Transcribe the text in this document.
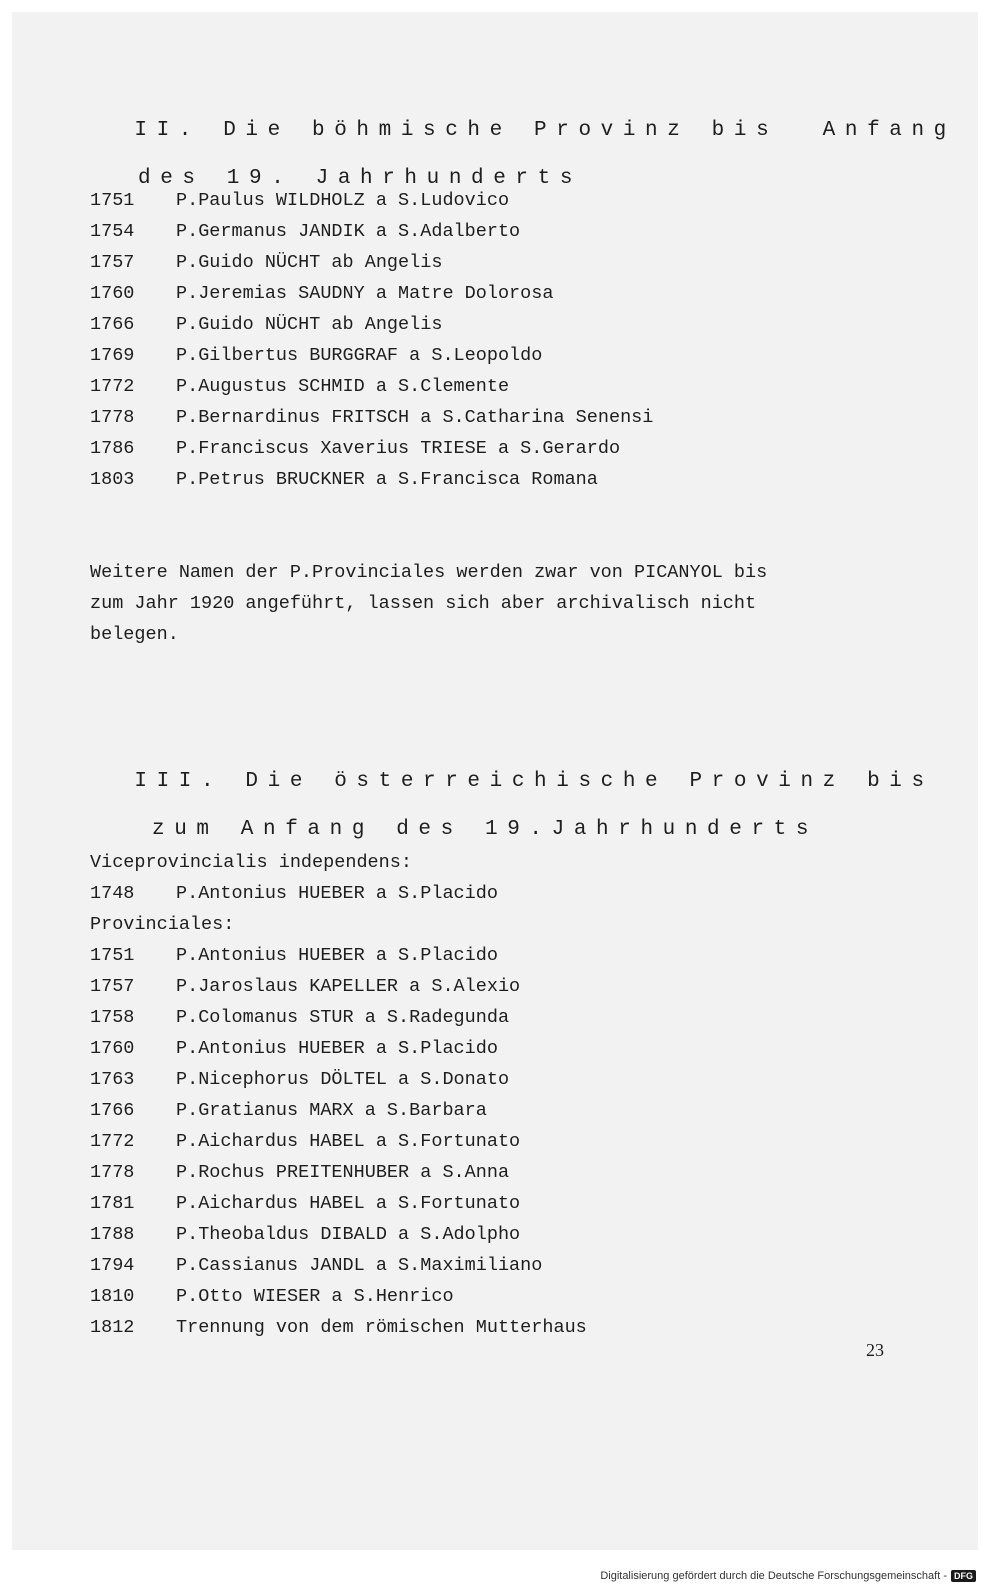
II. Die böhmische Provinz bis  Anfang

des 19. Jahrhunderts

1751 P.Paulus WILDHOLZ a S.Ludovico
1754 P.Germanus JANDIK a S.Adalberto
1757 P.Guido NÜCHT ab Angelis
1760 P.Jeremias SAUDNY a Matre Dolorosa
1766 P.Guido NÜCHT ab Angelis
1769 P.Gilbertus BURGGRAF a S.Leopoldo
1772 P.Augustus SCHMID a S.Clemente
1778 P.Bernardinus FRITSCH a S.Catharina Senensi
1786 P.Franciscus Xaverius TRIESE a S.Gerardo
1803 P.Petrus BRUCKNER a S.Francisca Romana
Weitere Namen der P.Provinciales werden zwar von PICANYOL bis
zum Jahr 1920 angeführt, lassen sich aber archivalisch nicht
belegen.

III. Die österreichische Provinz bis

zum Anfang des 19.Jahrhunderts

Viceprovincialis independens:
1748 P.Antonius HUEBER a S.Placido
Provinciales:
1751 P.Antonius HUEBER a S.Placido
1757 P.Jaroslaus KAPELLER a S.Alexio
1758 P.Colomanus STUR a S.Radegunda
1760 P.Antonius HUEBER a S.Placido
1763 P.Nicephorus DÖLTEL a S.Donato
1766 P.Gratianus MARX a S.Barbara
1772 P.Aichardus HABEL a S.Fortunato
1778 P.Rochus PREITENHUBER a S.Anna
1781 P.Aichardus HABEL a S.Fortunato
1788 P.Theobaldus DIBALD a S.Adolpho
1794 P.Cassianus JANDL a S.Maximiliano
1810 P.Otto WIESER a S.Henrico
1812 Trennung von dem römischen Mutterhaus
23
Digitalisierung gefördert durch die Deutsche Forschungsgemeinschaft - DFG
